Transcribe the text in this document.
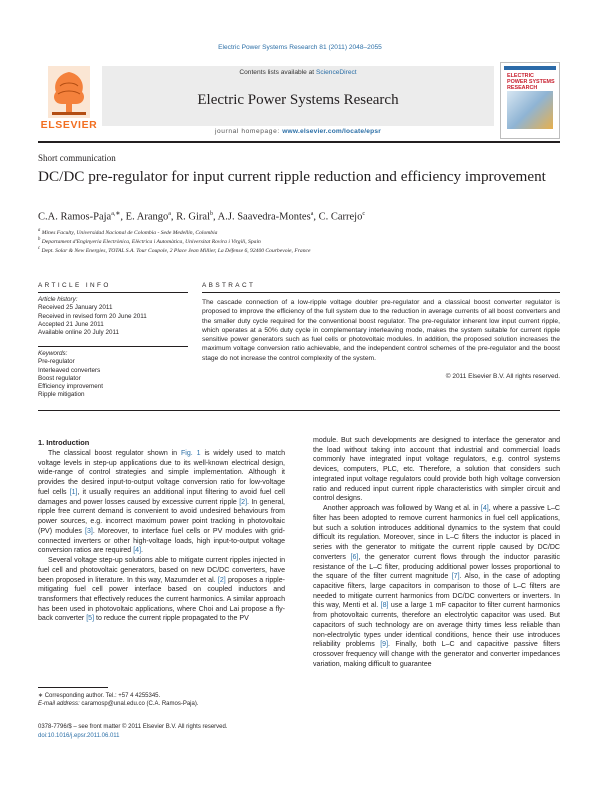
Electric Power Systems Research 81 (2011) 2048–2055
ELSEVIER
Contents lists available at ScienceDirect
Electric Power Systems Research
journal homepage: www.elsevier.com/locate/epsr
ELECTRIC POWER SYSTEMS RESEARCH
Short communication
DC/DC pre-regulator for input current ripple reduction and efficiency improvement
C.A. Ramos-Paja$^{a,∗}$, E. Arango$^a$, R. Giral$^b$, A.J. Saavedra-Montes$^a$, C. Carrejo$^c$
$^a$ Mines Faculty, Universidad Nacional de Colombia - Sede Medellín, Colombia
$^b$ Departament d'Enginyeria Electrònica, Elèctrica i Automàtica, Universitat Rovira i Virgili, Spain
$^c$ Dept. Solar & New Energies, TOTAL S.A. Tour Coupole, 2 Place Jean Millier, La Défense 6, 92400 Courbevoie, France
ARTICLE INFO	ABSTRACT
Article history:
Received 25 January 2011
Received in revised form 20 June 2011
Accepted 21 June 2011
Available online 20 July 2011
Keywords:
Pre-regulator
Interleaved converters
Boost regulator
Efficiency improvement
Ripple mitigation
The cascade connection of a low-ripple voltage doubler pre-regulator and a classical boost converter regulator is proposed to improve the efficiency of the full system due to the reduction in average currents of all boost converters and the smaller duty cycle required for the conventional boost regulator. The pre-regulator inherent low input current ripple, which operates at a 50% duty cycle in complementary interleaving mode, makes the system suitable for current ripple sensitive power generators such as fuel cells or photovoltaic modules. In addition, the proposed solution increases the maximum voltage conversion ratio achievable, and the independent control schemes of the pre-regulator and the boost stage do not increase the control complexity of the system.
© 2011 Elsevier B.V. All rights reserved.
1. Introduction

The classical boost regulator shown in Fig. 1 is widely used to match voltage levels in step-up applications due to its well-known electrical design, wide-range of control strategies and simple implementation. Although it provides the desired input-to-output voltage conversion ratio for low-voltage fuel cells [1], it usually requires an additional input filtering to avoid fuel cell damages and power losses caused by excessive current ripple [2]. In general, ripple free current demand is convenient to avoid undesired behaviours from power sources, e.g. incorrect maximum power point tracking in photovoltaic (PV) modules [3]. Moreover, to interface fuel cells or PV modules with grid-connected inverters or other high-voltage loads, high input-to-output voltage conversion ratios are required [4].

Several voltage step-up solutions able to mitigate current ripples injected in fuel cell and photovoltaic generators, based on new DC/DC converters, have been proposed in literature. In this way, Mazumder et al. [2] proposes a ripple-mitigating fuel cell power interface based on coupled inductors and transformers that effectively reduces the current harmonics. A similar approach has been used in photovoltaic applications, where Choi and Lai propose a fly-back converter [5] to reduce the current ripple propagated to the PV

module. But such developments are designed to interface the generator and the load without taking into account that industrial and commercial loads commonly have integrated input voltage regulators, e.g. control systems devices, computers, PLC, etc. Therefore, a solution that considers such integrated input voltage regulators could provide both high voltage conversion ratio and reduced input current ripple characteristics with simpler circuit and control designs.

Another approach was followed by Wang et al. in [4], where a passive L–C filter has been adopted to remove current harmonics in fuel cell applications, but such a solution introduces additional dynamics to the system that could difficult its regulation. Moreover, since in L–C filters the inductor is placed in series with the generator to mitigate the current ripple caused by DC/DC converters [6], the generator current flows through the inductor parasitic resistance of the L–C filter, producing additional power losses proportional to the square of the filter current magnitude [7]. Also, in the case of adopting capacitive filters, large capacitors in comparison to those of L–C filters are needed to mitigate current harmonics from DC/DC converters or inverters. In this way, Menti et al. [8] use a large 1 mF capacitor to filter current harmonics from photovoltaic currents, therefore an electrolytic capacitor was used. But capacitors of such technology are on average thirty times less reliable than non-electrolytic types under identical conditions, hence their use introduces reliability problems [9]. Finally, both L–C and capacitive passive filters crossover frequency will change with the generator and converter impedances variation, making difficult to guarantee

∗ Corresponding author. Tel.: +57 4 4255345.
E-mail address: caramosp@unal.edu.co (C.A. Ramos-Paja).
0378-7796/$ – see front matter © 2011 Elsevier B.V. All rights reserved.
doi:10.1016/j.epsr.2011.06.011
